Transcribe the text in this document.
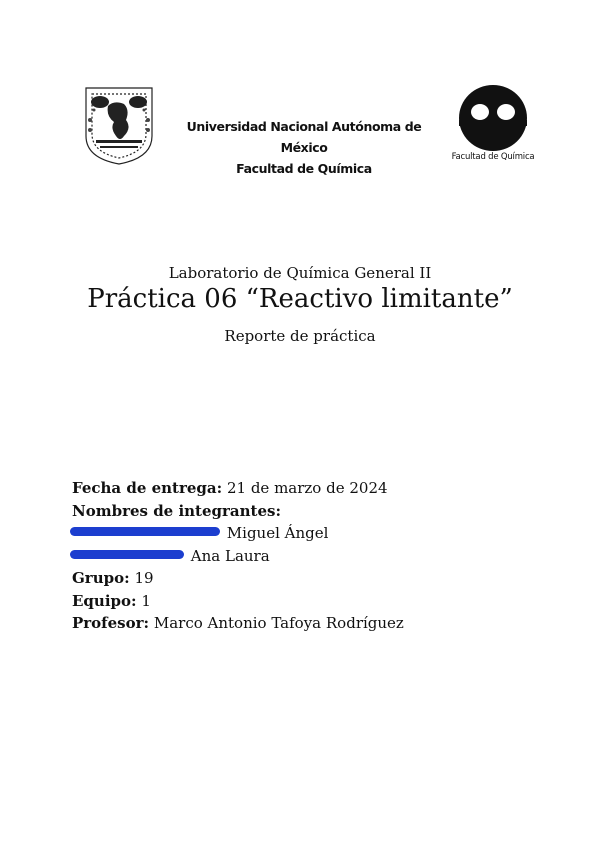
Universidad Nacional Autónoma de México
Facultad de Química
Facultad de Química
Laboratorio de Química General II
Práctica 06 “Reactivo limitante”
Reporte de práctica
Fecha de entrega: 21 de marzo de 2024
Nombres de integrantes:
Miguel Ángel
Ana Laura
Grupo: 19
Equipo: 1
Profesor: Marco Antonio Tafoya Rodríguez
